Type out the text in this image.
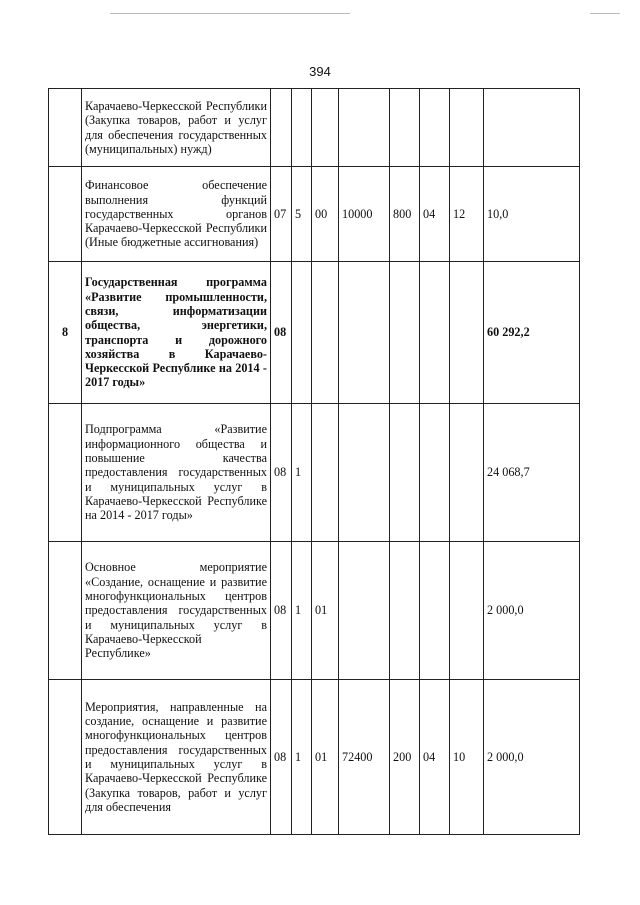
394

	Карачаево-Черкесской Республики (Закупка товаров, работ и услуг для обеспечения государственных (муниципальных) нужд)								

	Финансовое обеспечение выполнения функций государственных органов Карачаево-Черкесской Республики (Иные бюджетные ассигнования)	07	5	00	10000	800	04	12	10,0
8	Государственная программа «Развитие промышленности, связи, информатизации общества, энергетики, транспорта и дорожного хозяйства в Карачаево-Черкесской Республике на 2014 - 2017 годы»	08							60 292,2

	Подпрограмма «Развитие информационного общества и повышение качества предоставления государственных и муниципальных услуг в Карачаево-Черкесской Республике на 2014 - 2017 годы»	08	1						24 068,7

	Основное мероприятие «Создание, оснащение и развитие многофункциональных центров предоставления государственных и муниципальных услуг в Карачаево-Черкесской Республике»	08	1	01					2 000,0

	Мероприятия, направленные на создание, оснащение и развитие многофункциональных центров предоставления государственных и муниципальных услуг в Карачаево-Черкесской Республике (Закупка товаров, работ и услуг для обеспечения	08	1	01	72400	200	04	10	2 000,0
